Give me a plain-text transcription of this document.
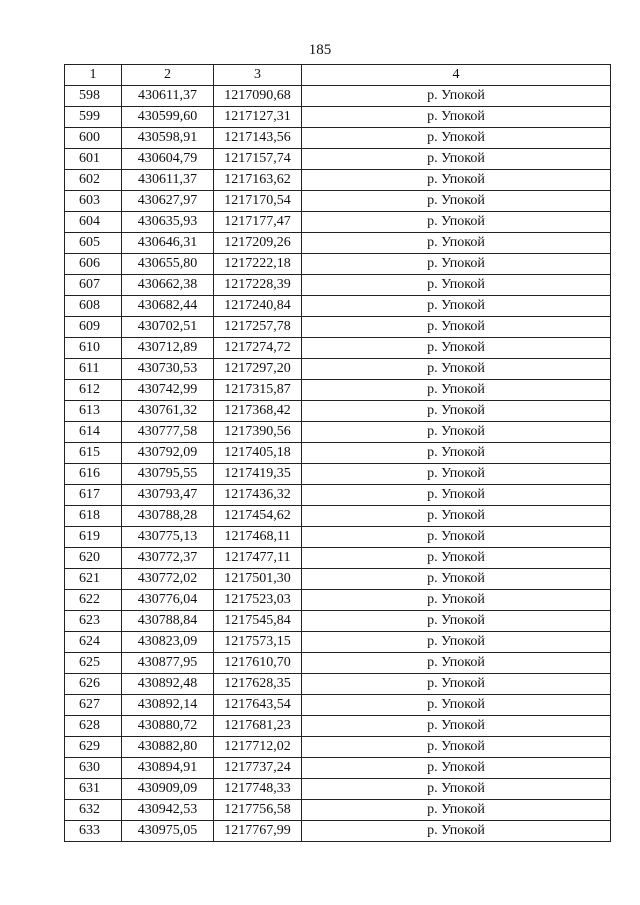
185
1	2	3	4
598	430611,37	1217090,68	р. Упокой
599	430599,60	1217127,31	р. Упокой
600	430598,91	1217143,56	р. Упокой
601	430604,79	1217157,74	р. Упокой
602	430611,37	1217163,62	р. Упокой
603	430627,97	1217170,54	р. Упокой
604	430635,93	1217177,47	р. Упокой
605	430646,31	1217209,26	р. Упокой
606	430655,80	1217222,18	р. Упокой
607	430662,38	1217228,39	р. Упокой
608	430682,44	1217240,84	р. Упокой
609	430702,51	1217257,78	р. Упокой
610	430712,89	1217274,72	р. Упокой
611	430730,53	1217297,20	р. Упокой
612	430742,99	1217315,87	р. Упокой
613	430761,32	1217368,42	р. Упокой
614	430777,58	1217390,56	р. Упокой
615	430792,09	1217405,18	р. Упокой
616	430795,55	1217419,35	р. Упокой
617	430793,47	1217436,32	р. Упокой
618	430788,28	1217454,62	р. Упокой
619	430775,13	1217468,11	р. Упокой
620	430772,37	1217477,11	р. Упокой
621	430772,02	1217501,30	р. Упокой
622	430776,04	1217523,03	р. Упокой
623	430788,84	1217545,84	р. Упокой
624	430823,09	1217573,15	р. Упокой
625	430877,95	1217610,70	р. Упокой
626	430892,48	1217628,35	р. Упокой
627	430892,14	1217643,54	р. Упокой
628	430880,72	1217681,23	р. Упокой
629	430882,80	1217712,02	р. Упокой
630	430894,91	1217737,24	р. Упокой
631	430909,09	1217748,33	р. Упокой
632	430942,53	1217756,58	р. Упокой
633	430975,05	1217767,99	р. Упокой
